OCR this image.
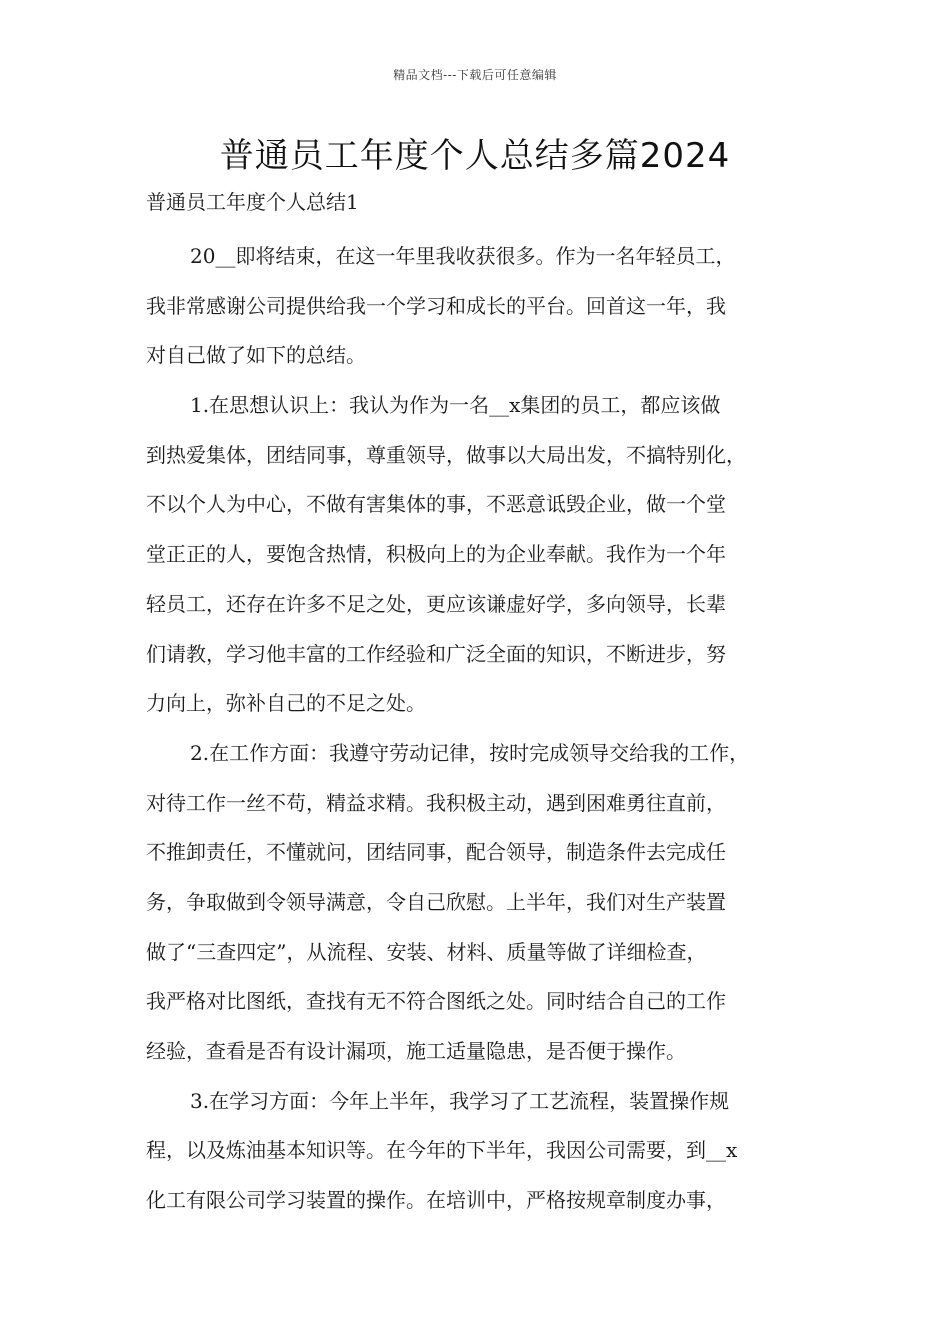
精品文档---下载后可任意编辑
普通员工年度个人总结多篇2024

普通员工年度个人总结1

20__即将结束，在这一年里我收获很多。作为一名年轻员工，
我非常感谢公司提供给我一个学习和成长的平台。回首这一年，我
对自己做了如下的总结。
1.在思想认识上：我认为作为一名__x集团的员工，都应该做
到热爱集体，团结同事，尊重领导，做事以大局出发，不搞特别化，
不以个人为中心，不做有害集体的事，不恶意诋毁企业，做一个堂
堂正正的人，要饱含热情，积极向上的为企业奉献。我作为一个年
轻员工，还存在许多不足之处，更应该谦虚好学，多向领导，长辈
们请教，学习他丰富的工作经验和广泛全面的知识，不断进步，努
力向上，弥补自己的不足之处。
2.在工作方面：我遵守劳动记律，按时完成领导交给我的工作，
对待工作一丝不苟，精益求精。我积极主动，遇到困难勇往直前，
不推卸责任，不懂就问，团结同事，配合领导，制造条件去完成任
务，争取做到令领导满意，令自己欣慰。上半年，我们对生产装置
做了“三查四定”，从流程、安装、材料、质量等做了详细检查，
我严格对比图纸，查找有无不符合图纸之处。同时结合自己的工作
经验，查看是否有设计漏项，施工适量隐患，是否便于操作。
3.在学习方面：今年上半年，我学习了工艺流程，装置操作规
程，以及炼油基本知识等。在今年的下半年，我因公司需要，到__x
化工有限公司学习装置的操作。在培训中，严格按规章制度办事，
